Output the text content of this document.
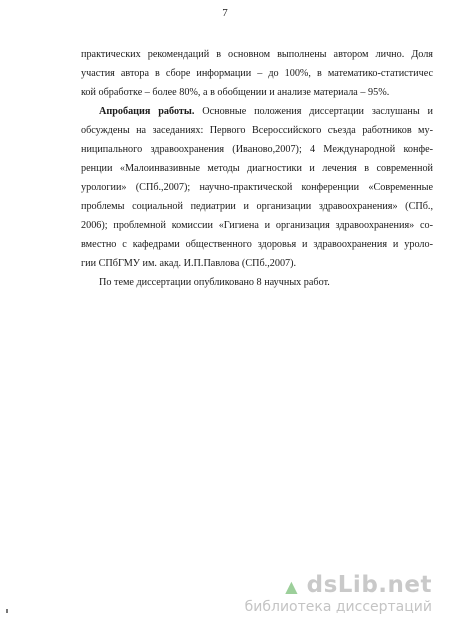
7
практических рекомендаций в основном выполнены автором лично. Доля
участия автора в сборе информации – до 100%, в математико-статистичес
кой обработке – более 80%, а в обобщении и анализе материала – 95%.
Апробация работы. Основные положения диссертации заслушаны и
обсуждены на заседаниях: Первого Всероссийского съезда работников му-
ниципального здравоохранения (Иваново,2007); 4 Международной конфе-
ренции «Малоинвазивные методы диагностики и лечения в современной
урологии» (СПб.,2007); научно-практической конференции «Современные
проблемы социальной педиатрии и организации здравоохранения» (СПб.,
2006); проблемной комиссии «Гигиена и организация здравоохранения» со-
вместно с кафедрами общественного здоровья и здравоохранения и уроло-
гии СПбГМУ им. акад. И.П.Павлова (СПб.,2007).
По теме диссертации опубликовано 8 научных работ.
▲ dsLib.net
библиотека диссертаций
